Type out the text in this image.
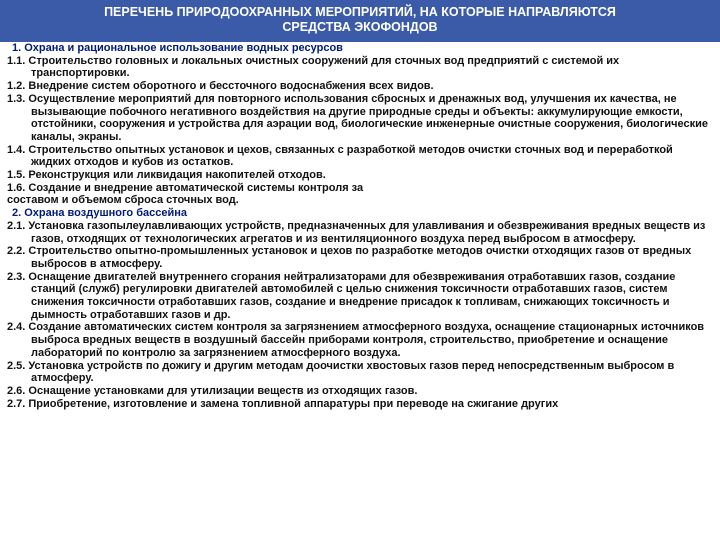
ПЕРЕЧЕНЬ ПРИРОДООХРАННЫХ МЕРОПРИЯТИЙ, НА КОТОРЫЕ НАПРАВЛЯЮТСЯ
СРЕДСТВА ЭКОФОНДОВ
1. Охрана и рациональное использование водных ресурсов
1.1. Строительство головных и локальных очистных сооружений для сточных вод предприятий с системой их транспортировки.
1.2. Внедрение систем оборотного и бессточного водоснабжения всех видов.
1.3. Осуществление мероприятий для повторного использования сбросных и дренажных вод, улучшения их качества, не вызывающие побочного негативного воздействия на другие природные среды и объекты: аккумулирующие емкости, отстойники, сооружения и устройства для аэрации вод, биологические инженерные очистные сооружения, биологические каналы, экраны.
1.4. Строительство опытных установок и цехов, связанных с разработкой методов очистки сточных вод и переработкой жидких отходов и кубов из остатков.
1.5. Реконструкция или ликвидация накопителей отходов.
1.6. Создание и внедрение автоматической системы контроля за
составом и объемом сброса сточных вод.
2. Охрана воздушного бассейна
2.1. Установка газопылеулавливающих устройств, предназначенных для улавливания и обезвреживания вредных веществ из газов, отходящих от технологических агрегатов и из вентиляционного воздуха перед выбросом в атмосферу.
2.2. Строительство опытно-промышленных установок и цехов по разработке методов очистки отходящих газов от вредных выбросов в атмосферу.
2.3. Оснащение двигателей внутреннего сгорания нейтрализаторами для обезвреживания отработавших газов, создание станций (служб) регулировки двигателей автомобилей с целью снижения токсичности отработавших газов, систем снижения токсичности отработавших газов, создание и внедрение присадок к топливам, снижающих токсичность и дымность отработавших газов и др.
2.4. Создание автоматических систем контроля за загрязнением атмосферного воздуха, оснащение стационарных источников выброса вредных веществ в воздушный бассейн приборами контроля, строительство, приобретение и оснащение лабораторий по контролю за загрязнением атмосферного воздуха.
2.5. Установка устройств по дожигу и другим методам доочистки хвостовых газов перед непосредственным выбросом в атмосферу.
2.6. Оснащение установками для утилизации веществ из отходящих газов.
2.7. Приобретение, изготовление и замена топливной аппаратуры при переводе на сжигание других
